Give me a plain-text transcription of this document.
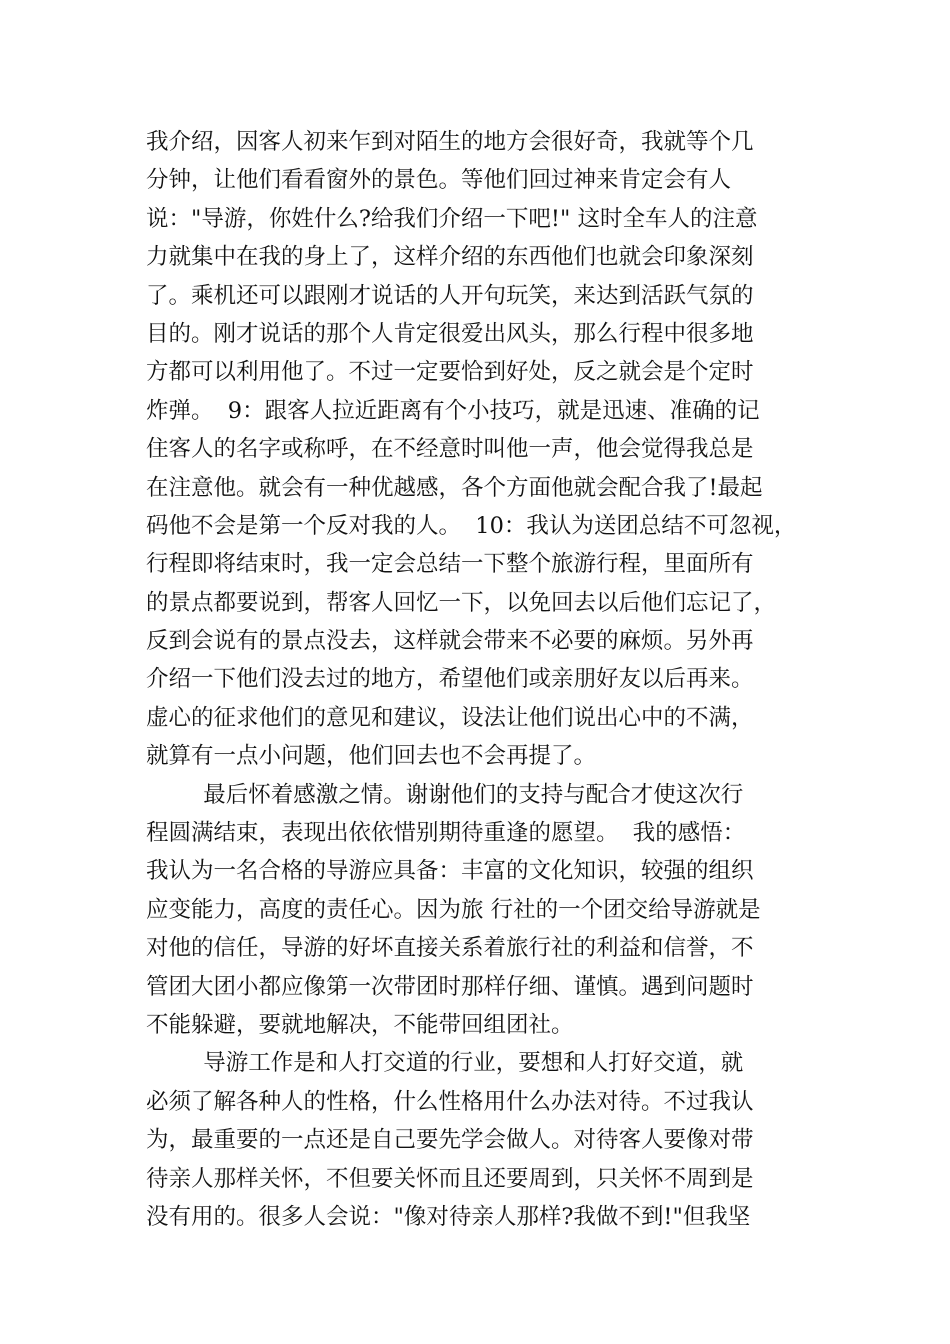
我介绍，因客人初来乍到对陌生的地方会很好奇，我就等个几
分钟，让他们看看窗外的景色。等他们回过神来肯定会有人
说："导游，你姓什么?给我们介绍一下吧!" 这时全车人的注意
力就集中在我的身上了，这样介绍的东西他们也就会印象深刻
了。乘机还可以跟刚才说话的人开句玩笑，来达到活跃气氛的
目的。刚才说话的那个人肯定很爱出风头，那么行程中很多地
方都可以利用他了。不过一定要恰到好处，反之就会是个定时
炸弹。  9：跟客人拉近距离有个小技巧，就是迅速、准确的记
住客人的名字或称呼，在不经意时叫他一声，他会觉得我总是
在注意他。就会有一种优越感，各个方面他就会配合我了!最起
码他不会是第一个反对我的人。  10：我认为送团总结不可忽视，
行程即将结束时，我一定会总结一下整个旅游行程，里面所有
的景点都要说到，帮客人回忆一下，以免回去以后他们忘记了，
反到会说有的景点没去，这样就会带来不必要的麻烦。另外再
介绍一下他们没去过的地方，希望他们或亲朋好友以后再来。
虚心的征求他们的意见和建议，设法让他们说出心中的不满，
就算有一点小问题，他们回去也不会再提了。
最后怀着感激之情。谢谢他们的支持与配合才使这次行
程圆满结束，表现出依依惜别期待重逢的愿望。  我的感悟：
我认为一名合格的导游应具备：丰富的文化知识，较强的组织
应变能力，高度的责任心。因为旅 行社的一个团交给导游就是
对他的信任，导游的好坏直接关系着旅行社的利益和信誉，不
管团大团小都应像第一次带团时那样仔细、谨慎。遇到问题时
不能躲避，要就地解决，不能带回组团社。
导游工作是和人打交道的行业，要想和人打好交道，就
必须了解各种人的性格，什么性格用什么办法对待。不过我认
为，最重要的一点还是自己要先学会做人。对待客人要像对带
待亲人那样关怀，不但要关怀而且还要周到，只关怀不周到是
没有用的。很多人会说："像对待亲人那样?我做不到!"但我坚
